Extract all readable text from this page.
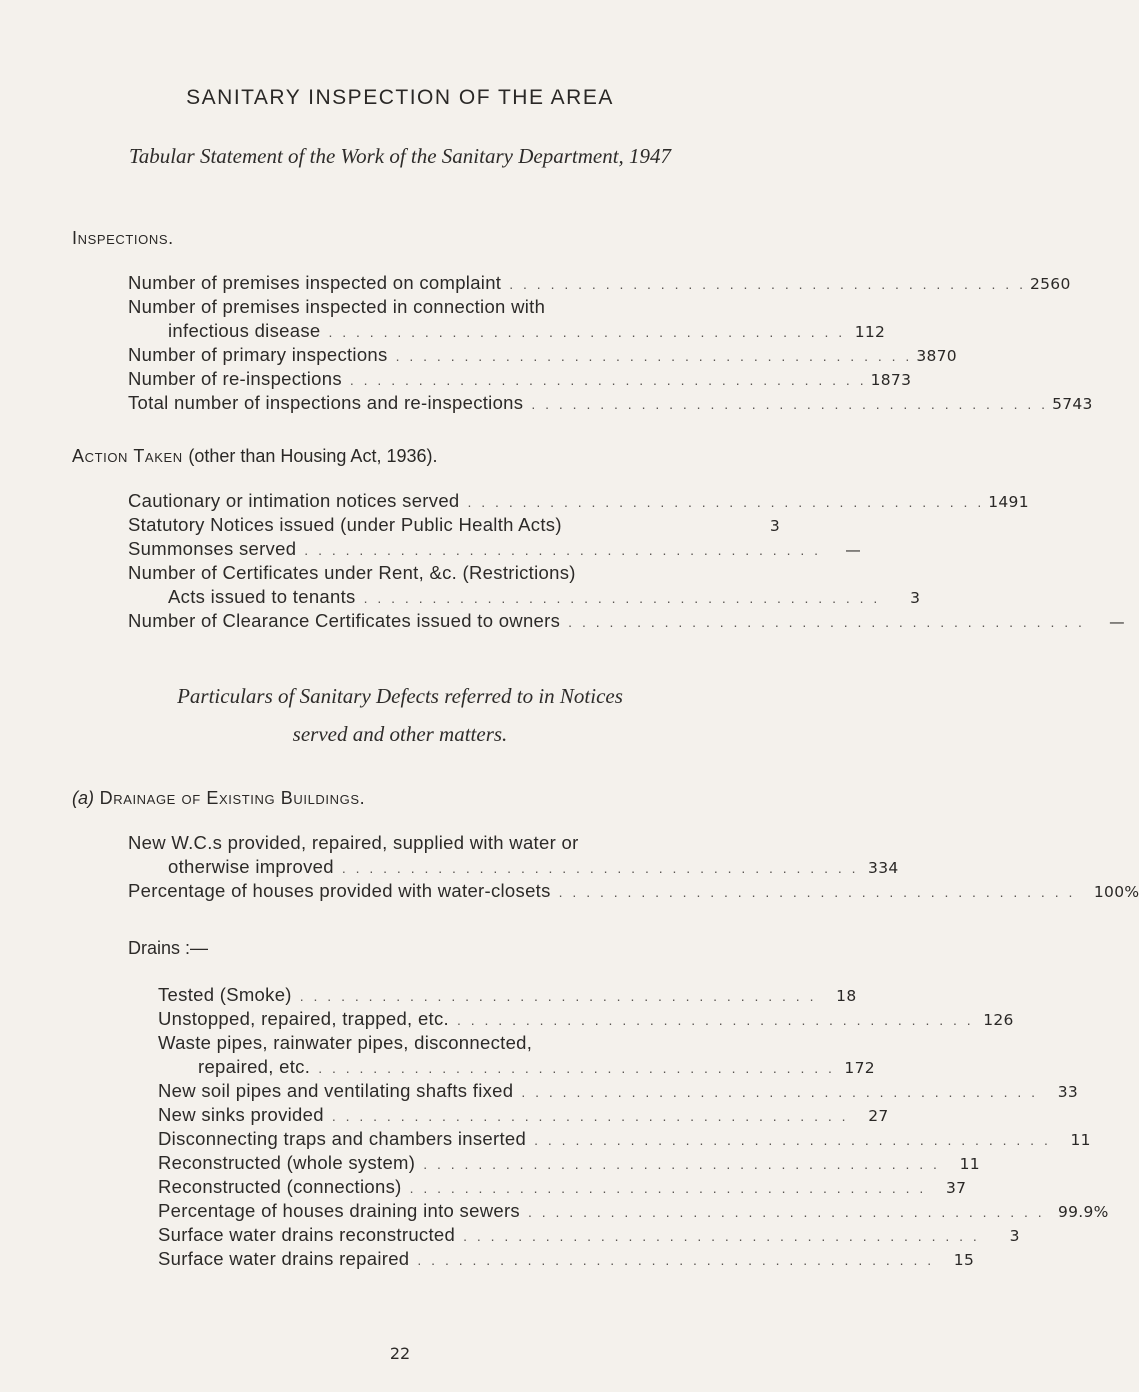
SANITARY INSPECTION OF THE AREA
Tabular Statement of the Work of the Sanitary Department, 1947
Inspections.
Number of premises inspected on complaint . . . . . . . . . . . . . . . . . . . . . . . . . . . . . . . . . . . . . . 2560
Number of premises inspected in connection with
infectious disease . . . . . . . . . . . . . . . . . . . . . . . . . . . . . . . . . . . . . . 112
Number of primary inspections . . . . . . . . . . . . . . . . . . . . . . . . . . . . . . . . . . . . . . 3870
Number of re-inspections . . . . . . . . . . . . . . . . . . . . . . . . . . . . . . . . . . . . . . 1873
Total number of inspections and re-inspections . . . . . . . . . . . . . . . . . . . . . . . . . . . . . . . . . . . . . . 5743
Action Taken (other than Housing Act, 1936).
Cautionary or intimation notices served . . . . . . . . . . . . . . . . . . . . . . . . . . . . . . . . . . . . . . 1491
Statutory Notices issued (under Public Health Acts)	3
Summonses served . . . . . . . . . . . . . . . . . . . . . . . . . . . . . . . . . . . . . .	—
Number of Certificates under Rent, &c. (Restrictions)
Acts issued to tenants . . . . . . . . . . . . . . . . . . . . . . . . . . . . . . . . . . . . . .	3
Number of Clearance Certificates issued to owners . . . . . . . . . . . . . . . . . . . . . . . . . . . . . . . . . . . . . .	—
Particulars of Sanitary Defects referred to in Notices
served and other matters.
(a) Drainage of Existing Buildings.
New W.C.s provided, repaired, supplied with water or
otherwise improved . . . . . . . . . . . . . . . . . . . . . . . . . . . . . . . . . . . . . . 334
Percentage of houses provided with water-closets . . . . . . . . . . . . . . . . . . . . . . . . . . . . . . . . . . . . . .	100%
Drains :—
Tested (Smoke) . . . . . . . . . . . . . . . . . . . . . . . . . . . . . . . . . . . . . .	18
Unstopped, repaired, trapped, etc. . . . . . . . . . . . . . . . . . . . . . . . . . . . . . . . . . . . . . . 126
Waste pipes, rainwater pipes, disconnected,
repaired, etc. . . . . . . . . . . . . . . . . . . . . . . . . . . . . . . . . . . . . . . 172
New soil pipes and ventilating shafts fixed . . . . . . . . . . . . . . . . . . . . . . . . . . . . . . . . . . . . . .	33
New sinks provided . . . . . . . . . . . . . . . . . . . . . . . . . . . . . . . . . . . . . .	27
Disconnecting traps and chambers inserted . . . . . . . . . . . . . . . . . . . . . . . . . . . . . . . . . . . . . .	11
Reconstructed (whole system) . . . . . . . . . . . . . . . . . . . . . . . . . . . . . . . . . . . . . .	11
Reconstructed (connections) . . . . . . . . . . . . . . . . . . . . . . . . . . . . . . . . . . . . . .	37
Percentage of houses draining into sewers . . . . . . . . . . . . . . . . . . . . . . . . . . . . . . . . . . . . . . 99.9%
Surface water drains reconstructed . . . . . . . . . . . . . . . . . . . . . . . . . . . . . . . . . . . . . .	3
Surface water drains repaired . . . . . . . . . . . . . . . . . . . . . . . . . . . . . . . . . . . . . .	15
22
